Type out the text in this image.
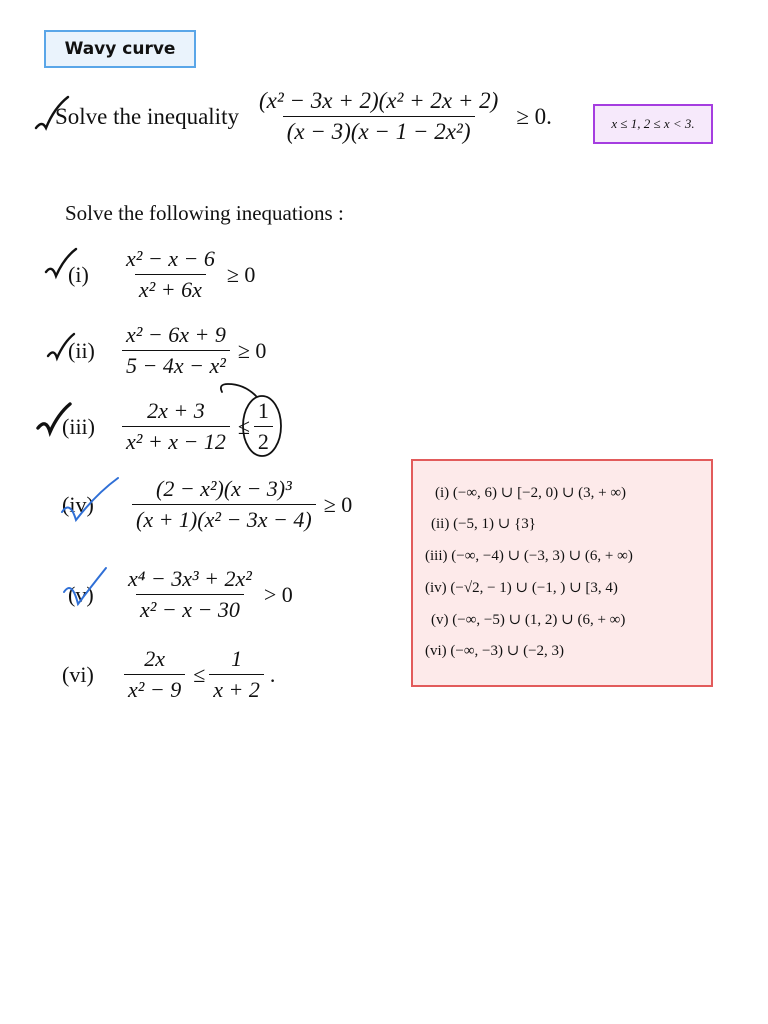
Wavy curve
Solve the inequality $\frac{\text{(x² − 3x + 2)(x² + 2x + 2)}}{\text{(x − 3)(x − 1 − 2x²)}} \ge 0$.	x ≤ 1, 2 ≤ x < 3.
Solve the following inequations :
(i)	$\frac{\text{x² − x − 6}}{\text{x² + 6x}} \ge 0$
(ii)	$\frac{\text{x² − 6x + 9}}{\text{5 − 4x − x²}} \ge 0$
(iii)	$\frac{2x + 3}{\text{x² + x − 12}} \le \frac{1}{2}$
(iv)	$\frac{\text{(2 − x²)(x − 3)³}}{\text{(x + 1)(x² − 3x − 4)}} \ge 0$
(v)	$\frac{\text{x⁴ − 3x³ + 2x²}}{\text{x² − x − 30}} > 0$
(vi)	$\frac{2x}{\text{x² − 9}} \le \frac{1}{x + 2}$ .
(i) (−∞, 6) ∪ [−2, 0) ∪ (3, + ∞)
(ii) (−5, 1) ∪ {3}
(iii) (−∞, −4) ∪ (−3, 3) ∪ (6, + ∞)
(iv) (−√2, − 1) ∪ (−1, ) ∪ [3, 4)
(v) (−∞, −5) ∪ (1, 2) ∪ (6, + ∞)
(vi) (−∞, −3) ∪ (−2, 3)
